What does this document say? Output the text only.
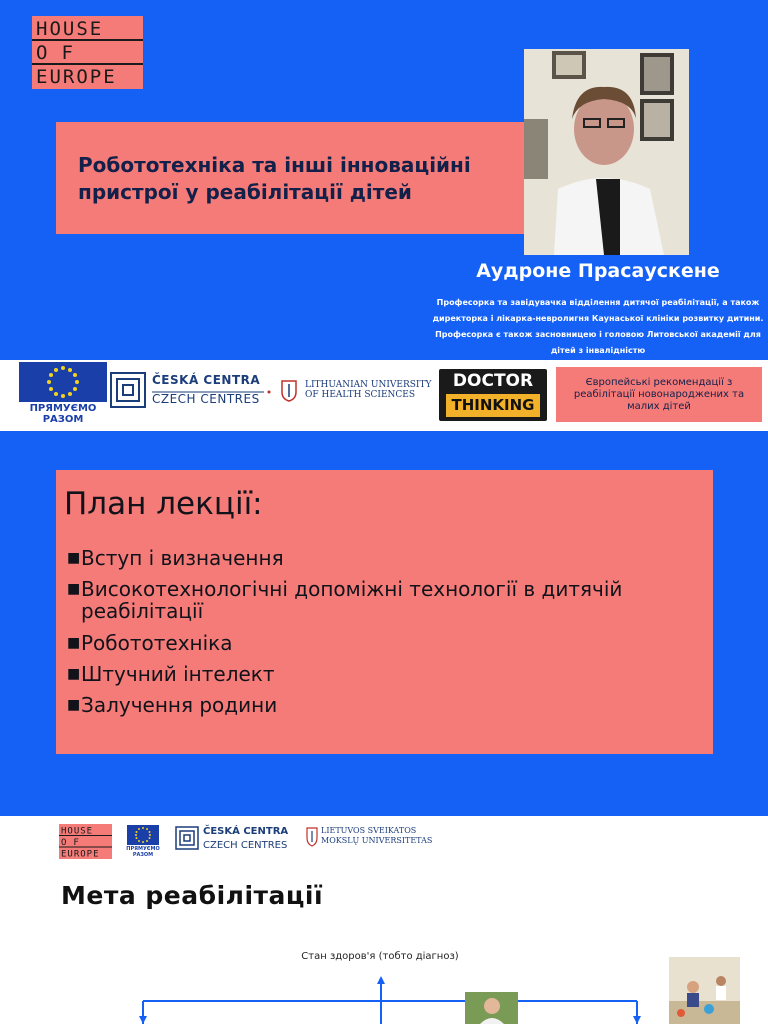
HOUSE
OF
EUROPE
Робототехніка та інші інноваційні пристрої у реабілітації дітей
Аудроне Прасаускене
Професорка та завідувачка відділення дитячої реабілітації, а також директорка і лікарка-невролигня Каунаської клініки розвитку дитини. Професорка є також засновницею і головою Литовської академії для дітей з інвалідністю
ПРЯМУЄМО РАЗОМ
ČESKÁ CENTRA
CZECH CENTRES
LITHUANIAN UNIVERSITY
OF HEALTH SCIENCES
DOCTOR
THINKING
Європейські рекомендації з реабілітації новонароджених та малих дітей
План лекції:
■Вступ і визначення
■Високотехнологічні допоміжні технології в дитячій реабілітації
■Робототехніка
■Штучний інтелект
■Залучення родини
HOUSE
OF
EUROPE
ПРЯМУЄМО РАЗОМ
ČESKÁ CENTRA
CZECH CENTRES
LIETUVOS SVEIKATOS
MOKSLŲ UNIVERSITETAS
Мета реабілітації
Стан здоров'я (тобто діагноз)
